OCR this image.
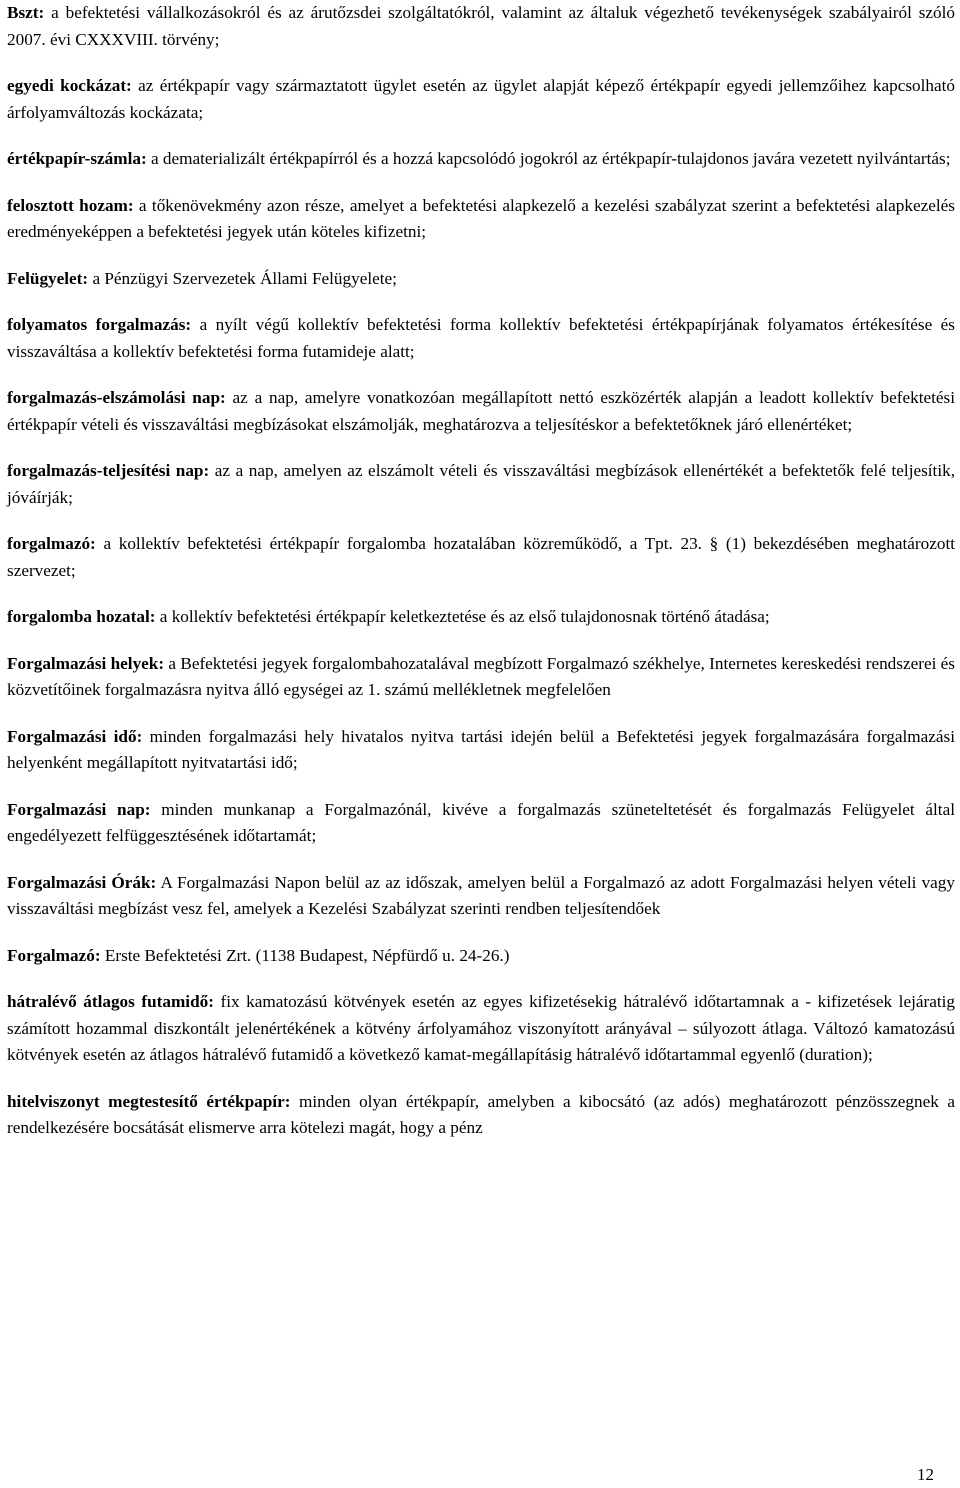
Bszt: a befektetési vállalkozásokról és az árutőzsdei szolgáltatókról, valamint az általuk végezhető tevékenységek szabályairól szóló 2007. évi CXXXVIII. törvény;

egyedi kockázat: az értékpapír vagy származtatott ügylet esetén az ügylet alapját képező értékpapír egyedi jellemzőihez kapcsolható árfolyamváltozás kockázata;

értékpapír-számla: a dematerializált értékpapírról és a hozzá kapcsolódó jogokról az értékpapír-tulajdonos javára vezetett nyilvántartás;

felosztott hozam: a tőkenövekmény azon része, amelyet a befektetési alapkezelő a kezelési szabályzat szerint a befektetési alapkezelés eredményeképpen a befektetési jegyek után köteles kifizetni;

Felügyelet: a Pénzügyi Szervezetek Állami Felügyelete;

folyamatos forgalmazás: a nyílt végű kollektív befektetési forma kollektív befektetési értékpapírjának folyamatos értékesítése és visszaváltása a kollektív befektetési forma futamideje alatt;

forgalmazás-elszámolási nap: az a nap, amelyre vonatkozóan megállapított nettó eszközérték alapján a leadott kollektív befektetési értékpapír vételi és visszaváltási megbízásokat elszámolják, meghatározva a teljesítéskor a befektetőknek járó ellenértéket;

forgalmazás-teljesítési nap: az a nap, amelyen az elszámolt vételi és visszaváltási megbízások ellenértékét a befektetők felé teljesítik, jóváírják;

forgalmazó: a kollektív befektetési értékpapír forgalomba hozatalában közreműködő, a Tpt. 23. § (1) bekezdésében meghatározott szervezet;

forgalomba hozatal: a kollektív befektetési értékpapír keletkeztetése és az első tulajdonosnak történő átadása;

Forgalmazási helyek: a Befektetési jegyek forgalombahozatalával megbízott Forgalmazó székhelye, Internetes kereskedési rendszerei és közvetítőinek forgalmazásra nyitva álló egységei az 1. számú mellékletnek megfelelően

Forgalmazási idő: minden forgalmazási hely hivatalos nyitva tartási idején belül a Befektetési jegyek forgalmazására forgalmazási helyenként megállapított nyitvatartási idő;

Forgalmazási nap: minden munkanap a Forgalmazónál, kivéve a forgalmazás szüneteltetését és forgalmazás Felügyelet által engedélyezett felfüggesztésének időtartamát;

Forgalmazási Órák: A Forgalmazási Napon belül az az időszak, amelyen belül a Forgalmazó az adott Forgalmazási helyen vételi vagy visszaváltási megbízást vesz fel, amelyek a Kezelési Szabályzat szerinti rendben teljesítendőek

Forgalmazó: Erste Befektetési Zrt. (1138 Budapest, Népfürdő u. 24-26.)

hátralévő átlagos futamidő: fix kamatozású kötvények esetén az egyes kifizetésekig hátralévő időtartamnak a - kifizetések lejáratig számított hozammal diszkontált jelenértékének a kötvény árfolyamához viszonyított arányával – súlyozott átlaga. Változó kamatozású kötvények esetén az átlagos hátralévő futamidő a következő kamat-megállapításig hátralévő időtartammal egyenlő (duration);

hitelviszonyt megtestesítő értékpapír: minden olyan értékpapír, amelyben a kibocsátó (az adós) meghatározott pénzösszegnek a rendelkezésére bocsátását elismerve arra kötelezi magát, hogy a pénz

12
